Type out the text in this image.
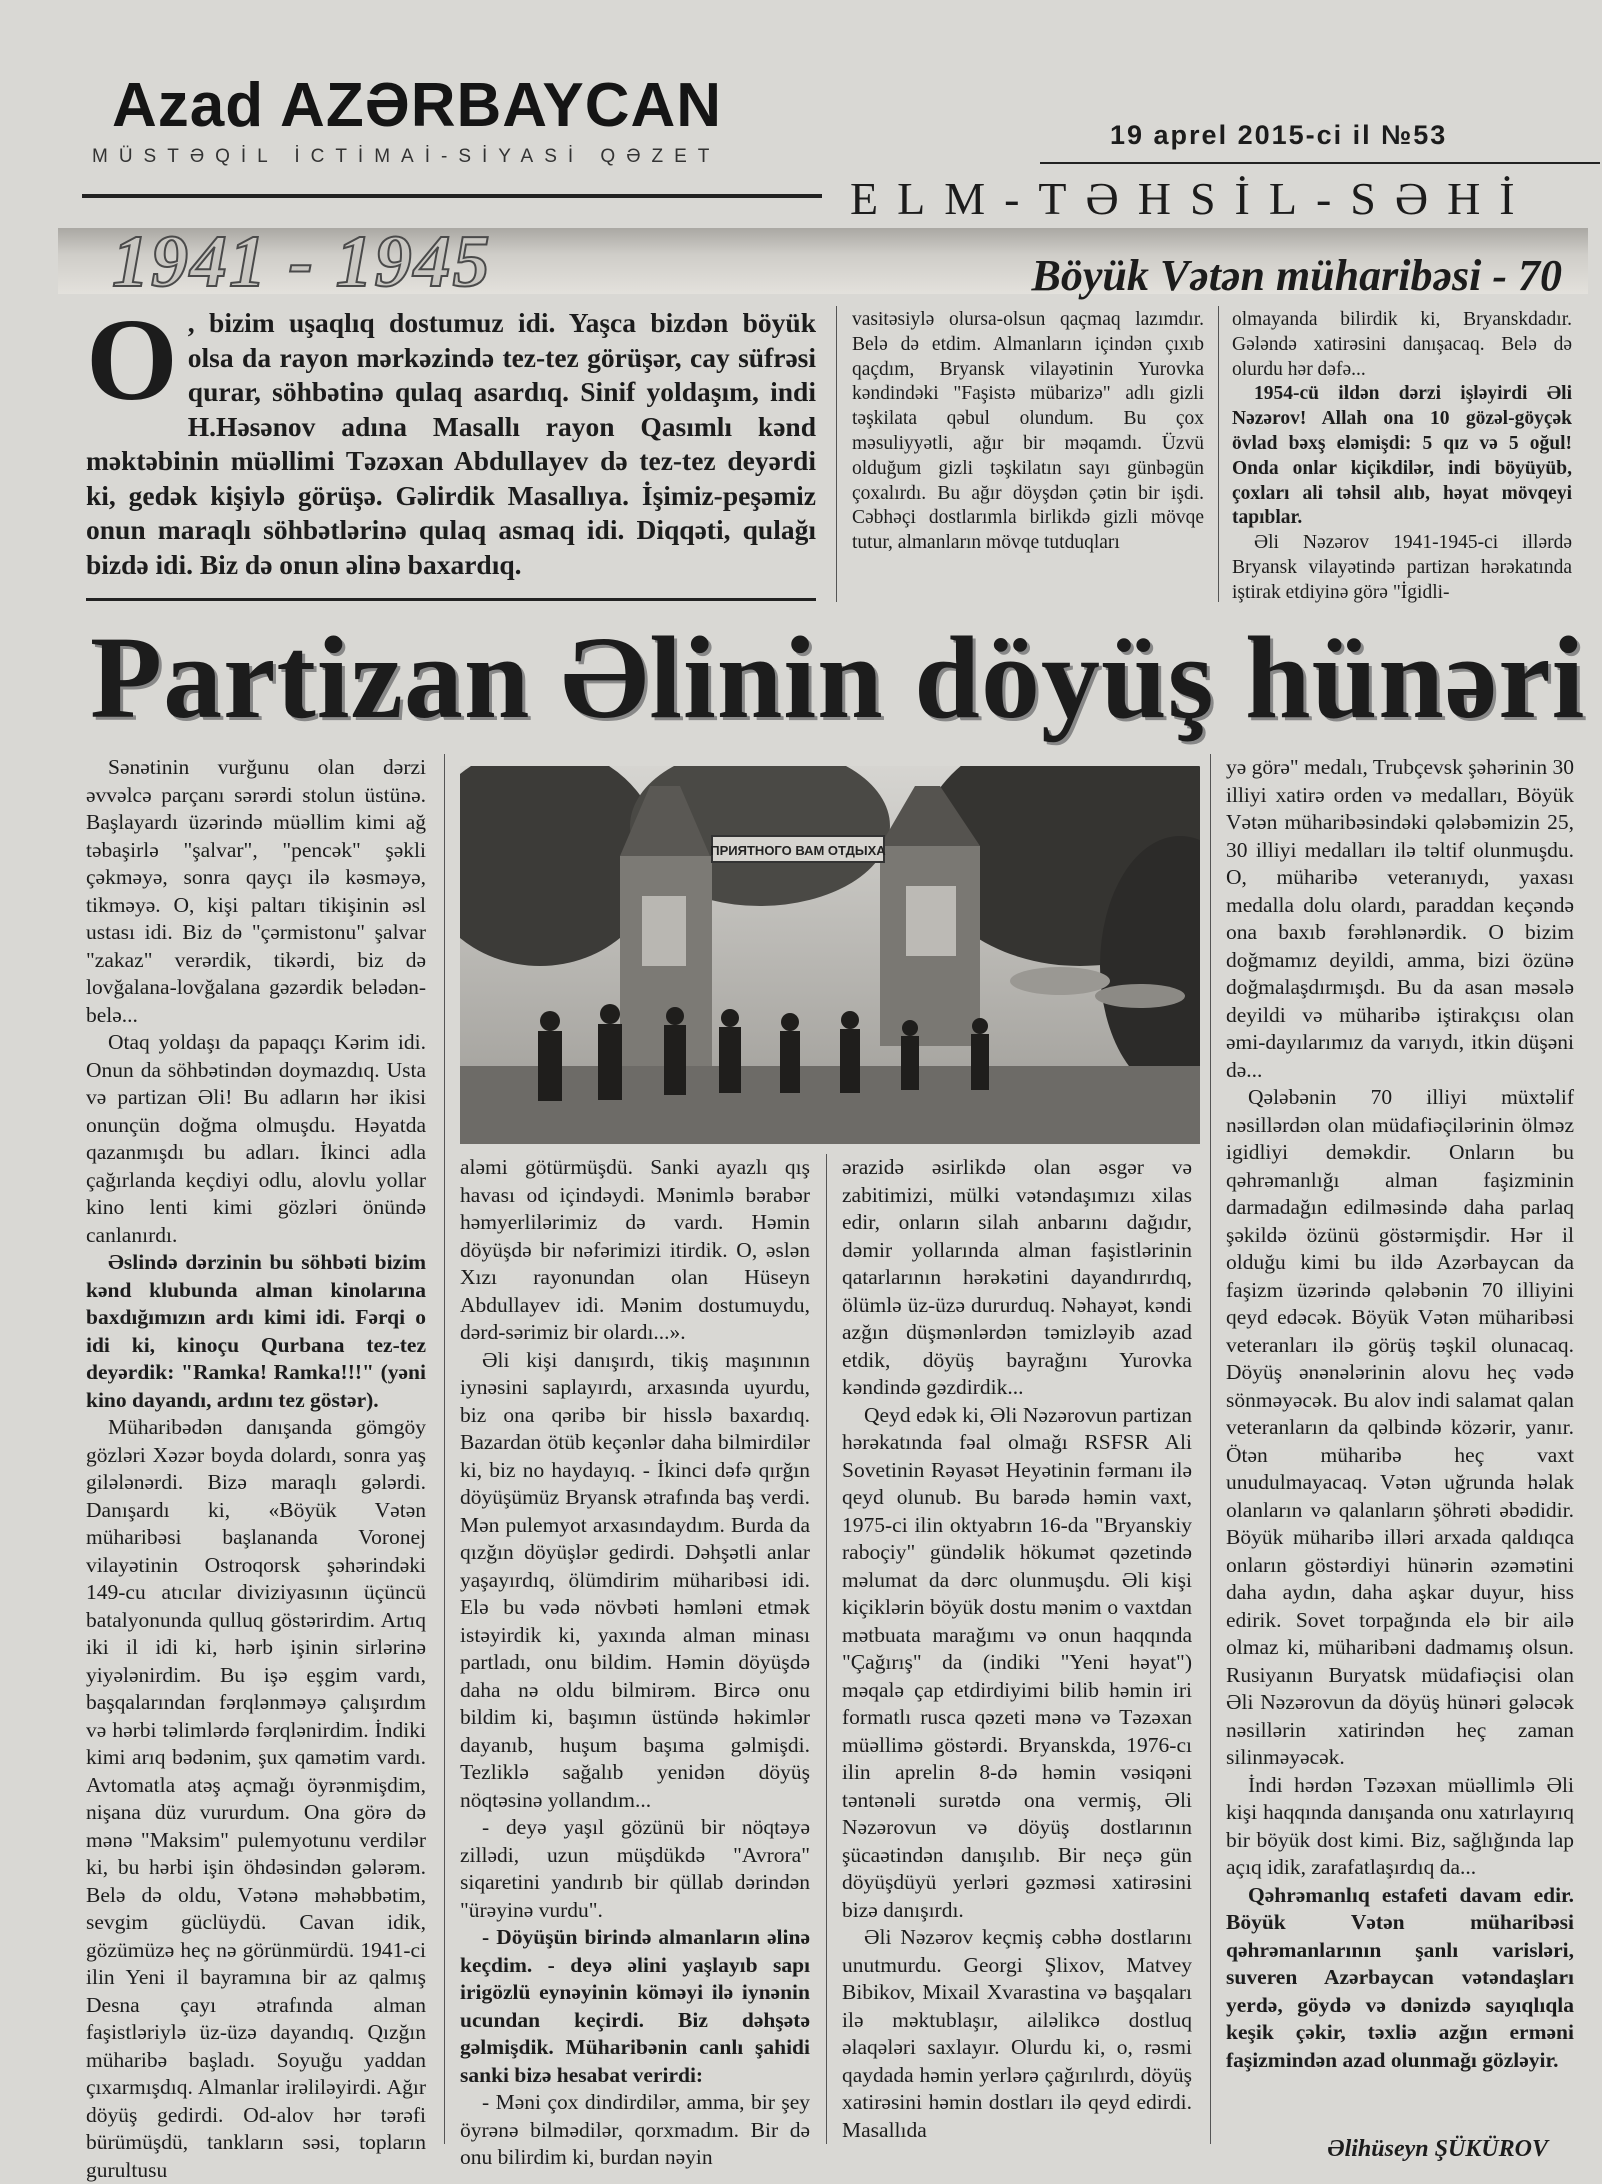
Azad AZƏRBAYCAN
MÜSTƏQİL İCTİMAİ-SİYASİ QƏZET
19 aprel 2015-ci il №53
ELM-TƏHSİL-SƏHİ
1941 - 1945	Böyük Vətən müharibəsi - 70
O , bizim uşaqlıq dostumuz idi. Yaşca bizdən böyük olsa da rayon mərkəzində tez-tez görüşər, cay süfrəsi qurar, söhbətinə qulaq asardıq. Sinif yoldaşım, indi H.Həsənov adına Masallı rayon Qasımlı kənd məktəbinin müəllimi Təzəxan Abdullayev də tez-tez deyərdi ki, gedək kişiylə görüşə. Gəlirdik Masallıya. İşimiz-peşəmiz onun maraqlı söhbətlərinə qulaq asmaq idi. Diqqəti, qulağı bizdə idi. Biz də onun əlinə baxardıq.

vasitəsiylə olursa-olsun qaçmaq lazımdır. Belə də etdim. Almanların içindən çıxıb qaçdım, Bryansk vilayətinin Yurovka kəndindəki "Faşistə mübarizə" adlı gizli təşkilata qəbul olundum. Bu çox məsuliyyətli, ağır bir məqamdı. Üzvü olduğum gizli təşkilatın sayı günbəgün çoxalırdı. Bu ağır döyşdən çətin bir işdi. Cəbhəçi dostlarımla birlikdə gizli mövqe tutur, almanların mövqe tutduqları

olmayanda bilirdik ki, Bryanskdadır. Gələndə xatirəsini danışacaq. Belə də olurdu hər dəfə...

1954-cü ildən dərzi işləyirdi Əli Nəzərov! Allah ona 10 gözəl-göyçək övlad bəxş eləmişdi: 5 qız və 5 oğul! Onda onlar kiçikdilər, indi böyüyüb, çoxları ali təhsil alıb, həyat mövqeyi tapıblar.

Əli Nəzərov 1941-1945-ci illərdə Bryansk vilayətində partizan hərəkatında iştirak etdiyinə görə "İgidli-

Partizan Əlinin döyüş hünəri
ПРИЯТНОГО ВАМ ОТДЫХА

Sənətinin vurğunu olan dərzi əvvəlcə parçanı sərərdi stolun üstünə. Başlayardı üzərində müəllim kimi ağ təbaşirlə "şalvar", "pencək" şəkli çəkməyə, sonra qayçı ilə kəsməyə, tikməyə. O, kişi paltarı tikişinin əsl ustası idi. Biz də "çərmistonu" şalvar "zakaz" verərdik, tikərdi, biz də lovğalana-lovğalana gəzərdik belədən-belə...

Otaq yoldaşı da papaqçı Kərim idi. Onun da söhbətindən doymazdıq. Usta və partizan Əli! Bu adların hər ikisi onunçün doğma olmuşdu. Həyatda qazanmışdı bu adları. İkinci adla çağırlanda keçdiyi odlu, alovlu yollar kino lenti kimi gözləri önündə canlanırdı.

Əslində dərzinin bu söhbəti bizim kənd klubunda alman kinolarına baxdığımızın ardı kimi idi. Fərqi o idi ki, kinoçu Qurbana tez-tez deyərdik: "Ramka! Ramka!!!" (yəni kino dayandı, ardını tez göstər).

Müharibədən danışanda gömgöy gözləri Xəzər boyda dolardı, sonra yaş gilələnərdi. Bizə maraqlı gələrdi. Danışardı ki, «Böyük Vətən müharibəsi başlananda Voronej vilayətinin Ostroqorsk şəhərindəki 149-cu atıcılar diviziyasının üçüncü batalyonunda qulluq göstərirdim. Artıq iki il idi ki, hərb işinin sirlərinə yiyələnirdim. Bu işə eşgim vardı, başqalarından fərqlənməyə çalışırdım və hərbi təlimlərdə fərqlənirdim. İndiki kimi arıq bədənim, şux qamətim vardı. Avtomatla atəş açmağı öyrənmişdim, nişana düz vururdum. Ona görə də mənə "Maksim" pulemyotunu verdilər ki, bu hərbi işin öhdəsindən gələrəm. Belə də oldu, Vətənə məhəbbətim, sevgim güclüydü. Cavan idik, gözümüzə heç nə görünmürdü. 1941-ci ilin Yeni il bayramına bir az qalmış Desna çayı ətrafında alman faşistləriylə üz-üzə dayandıq. Qızğın müharibə başladı. Soyuğu yaddan çıxarmışdıq. Almanlar irəliləyirdi. Ağır döyüş gedirdi. Od-alov hər tərəfi bürümüşdü, tankların səsi, topların gurultusu

aləmi götürmüşdü. Sanki ayazlı qış havası od içindəydi. Mənimlə bərabər həmyerlilərimiz də vardı. Həmin döyüşdə bir nəfərimizi itirdik. O, əslən Xızı rayonundan olan Hüseyn Abdullayev idi. Mənim dostumuydu, dərd-sərimiz bir olardı...».

Əli kişi danışırdı, tikiş maşınının iynəsini saplayırdı, arxasında uyurdu, biz ona qəribə bir hisslə baxardıq. Bazardan ötüb keçənlər daha bilmirdilər ki, biz no haydayıq. - İkinci dəfə qırğın döyüşümüz Bryansk ətrafında baş verdi. Mən pulemyot arxasındaydım. Burda da qızğın döyüşlər gedirdi. Dəhşətli anlar yaşayırdıq, ölümdirim müharibəsi idi. Elə bu vədə növbəti həmləni etmək istəyirdik ki, yaxında alman minası partladı, onu bildim. Həmin döyüşdə daha nə oldu bilmirəm. Bircə onu bildim ki, başımın üstündə həkimlər dayanıb, huşum başıma gəlmişdi. Tezliklə sağalıb yenidən döyüş nöqtəsinə yollandım...

- deyə yaşıl gözünü bir nöqtəyə zillədi, uzun müşdükdə "Avrora" siqaretini yandırıb bir qüllab dərindən "ürəyinə vurdu".

- Döyüşün birində almanların əlinə keçdim. - deyə əlini yaşlayıb sapı irigözlü eynəyinin köməyi ilə iynənin ucundan keçirdi. Biz dəhşətə gəlmişdik. Müharibənin canlı şahidi sanki bizə hesabat verirdi:

- Məni çox dindirdilər, amma, bir şey öyrənə bilmədilər, qorxmadım. Bir də onu bilirdim ki, burdan nəyin

ərazidə əsirlikdə olan əsgər və zabitimizi, mülki vətəndaşımızı xilas edir, onların silah anbarını dağıdır, dəmir yollarında alman faşistlərinin qatarlarının hərəkətini dayandırırdıq, ölümlə üz-üzə dururduq. Nəhayət, kəndi azğın düşmənlərdən təmizləyib azad etdik, döyüş bayrağını Yurovka kəndində gəzdirdik...

Qeyd edək ki, Əli Nəzərovun partizan hərəkatında fəal olmağı RSFSR Ali Sovetinin Rəyasət Heyətinin fərmanı ilə qeyd olunub. Bu barədə həmin vaxt, 1975-ci ilin oktyabrın 16-da "Bryanskiy raboçiy" gündəlik hökumət qəzetində məlumat da dərc olunmuşdu. Əli kişi kiçiklərin böyük dostu mənim o vaxtdan mətbuata marağımı və onun haqqında "Çağırış" da (indiki "Yeni həyat") məqalə çap etdirdiyimi bilib həmin iri formatlı rusca qəzeti mənə və Təzəxan müəllimə göstərdi. Bryanskda, 1976-cı ilin aprelin 8-də həmin vəsiqəni təntənəli surətdə ona vermiş, Əli Nəzərovun və döyüş dostlarının şücaətindən danışılıb. Bir neçə gün döyüşdüyü yerləri gəzməsi xatirəsini bizə danışırdı.

Əli Nəzərov keçmiş cəbhə dostlarını unutmurdu. Georgi Şlixov, Matvey Bibikov, Mixail Xvarastina və başqaları ilə məktublaşır, ailəlikcə dostluq əlaqələri saxlayır. Olurdu ki, o, rəsmi qaydada həmin yerlərə çağırılırdı, döyüş xatirəsini həmin dostları ilə qeyd edirdi. Masallıda

yə görə" medalı, Trubçevsk şəhərinin 30 illiyi xatirə orden və medalları, Böyük Vətən müharibəsindəki qələbəmizin 25, 30 illiyi medalları ilə təltif olunmuşdu. O, müharibə veteranıydı, yaxası medalla dolu olardı, paraddan keçəndə ona baxıb fərəhlənərdik. O bizim doğmamız deyildi, amma, bizi özünə doğmalaşdırmışdı. Bu da asan məsələ deyildi və müharibə iştirakçısı olan əmi-dayılarımız da varıydı, itkin düşəni də...

Qələbənin 70 illiyi müxtəlif nəsillərdən olan müdafiəçilərinin ölməz igidliyi deməkdir. Onların bu qəhrəmanlığı alman faşizminin darmadağın edilməsində daha parlaq şəkildə özünü göstərmişdir. Hər il olduğu kimi bu ildə Azərbaycan da faşizm üzərində qələbənin 70 illiyini qeyd edəcək. Böyük Vətən müharibəsi veteranları ilə görüş təşkil olunacaq. Döyüş ənənələrinin alovu heç vədə sönməyəcək. Bu alov indi salamat qalan veteranların da qəlbində közərir, yanır. Ötən müharibə heç vaxt unudulmayacaq. Vətən uğrunda həlak olanların və qalanların şöhrəti əbədidir. Böyük müharibə illəri arxada qaldıqca onların göstərdiyi hünərin əzəmətini daha aydın, daha aşkar duyur, hiss edirik. Sovet torpağında elə bir ailə olmaz ki, müharibəni dadmamış olsun. Rusiyanın Buryatsk müdafiəçisi olan Əli Nəzərovun da döyüş hünəri gələcək nəsillərin xatirindən heç zaman silinməyəcək.

İndi hərdən Təzəxan müəllimlə Əli kişi haqqında danışanda onu xatırlayırıq bir böyük dost kimi. Biz, sağlığında lap açıq idik, zarafatlaşırdıq da...

Qəhrəmanlıq estafeti davam edir. Böyük Vətən müharibəsi qəhrəmanlarının şanlı varisləri, suveren Azərbaycan vətəndaşları yerdə, göydə və dənizdə sayıqlıqla keşik çəkir, təxliə azğın erməni faşizmindən azad olunmağı gözləyir.

Əlihüseyn ŞÜKÜROV
